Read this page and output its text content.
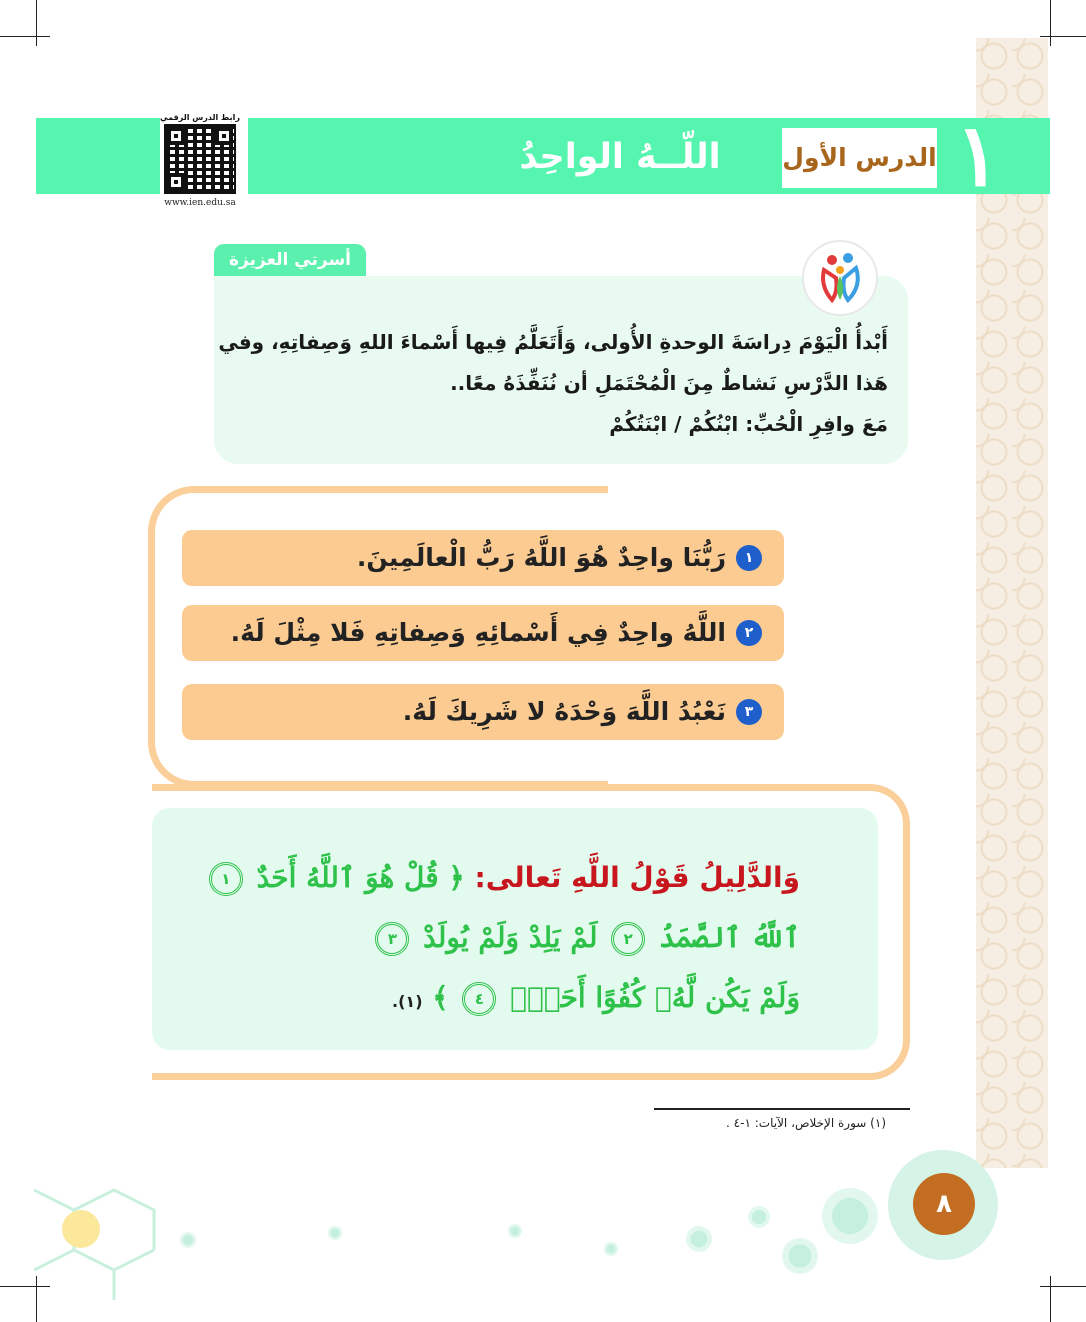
١
الدرس الأول
اللّــهُ الواحِدُ
رابط الدرس الرقمي
www.ien.edu.sa
أسرتي العزيزة
أَبْدأُ الْيَوْمَ دِراسَةَ الوحدةِ الأُولى، وَأَتَعَلَّمُ فِيها أَسْماءَ اللهِ وَصِفاتِهِ، وفي
هَذا الدَّرْسِ نَشاطٌ مِنَ الْمُحْتَمَلِ أن نُنَفِّذَهُ معًا..
مَعَ وافِرِ الْحُبِّ: ابْنُكُمْ / ابْنَتُكُمْ
١
رَبُّنَا واحِدٌ هُوَ اللَّهُ رَبُّ الْعالَمِينَ.
٢
اللَّهُ واحِدٌ فِي أَسْمائِهِ وَصِفاتِهِ فَلا مِثْلَ لَهُ.
٣
نَعْبُدُ اللَّهَ وَحْدَهُ لا شَرِيكَ لَهُ.
وَالدَّلِيلُ قَوْلُ اللَّهِ تَعالى: ﴿ قُلْ هُوَ ٱللَّهُ أَحَدٌ ١
ٱللَّهُ ٱلصَّمَدُ ٢ لَمْ يَلِدْ وَلَمْ يُولَدْ ٣
وَلَمْ يَكُن لَّهُۥ كُفُوًا أَحَدٌۢ ٤ ﴾ (١).
(١) سورة الإخلاص، الآيات: ١-٤ .
٨
